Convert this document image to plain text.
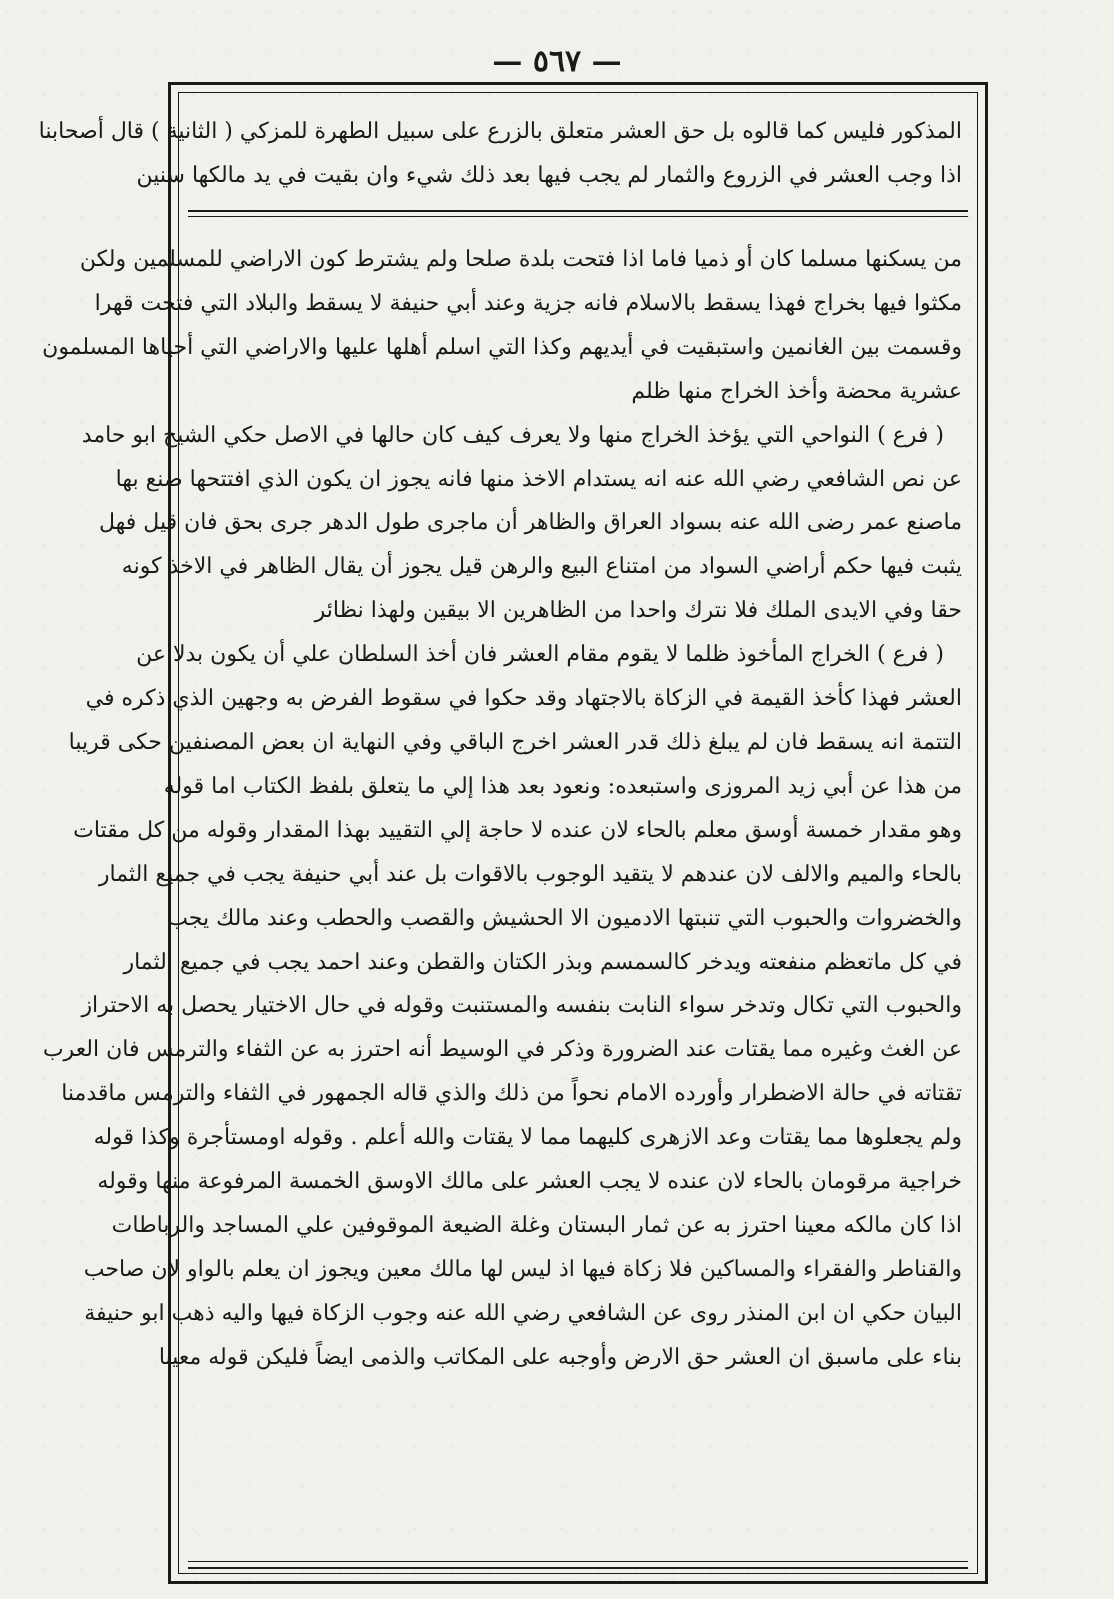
— ٥٦٧ —
المذكور فليس كما قالوه بل حق العشر متعلق بالزرع على سبيل الطهرة للمزكي ( الثانية ) قال أصحابنا
اذا وجب العشر في الزروع والثمار لم يجب فيها بعد ذلك شيء وان بقيت في يد مالكها سنين
من يسكنها مسلما كان أو ذميا فاما اذا فتحت بلدة صلحا ولم يشترط كون الاراضي للمسلمين ولكن
مكثوا فيها بخراج فهذا يسقط بالاسلام فانه جزية وعند أبي حنيفة لا يسقط والبلاد التي فتحت قهرا
وقسمت بين الغانمين واستبقيت في أيديهم وكذا التي اسلم أهلها عليها والاراضي التي أحياها المسلمون
عشرية محضة وأخذ الخراج منها ظلم
( فرع ) النواحي التي يؤخذ الخراج منها ولا يعرف كيف كان حالها في الاصل حكي الشيخ ابو حامد
عن نص الشافعي رضي الله عنه انه يستدام الاخذ منها فانه يجوز ان يكون الذي افتتحها صنع بها
ماصنع عمر رضى الله عنه بسواد العراق والظاهر أن ماجرى طول الدهر جرى بحق فان قيل فهل
يثبت فيها حكم أراضي السواد من امتناع البيع والرهن قيل يجوز أن يقال الظاهر في الاخذ كونه
حقا وفي الايدى الملك فلا نترك واحدا من الظاهرين الا بيقين ولهذا نظائر
( فرع ) الخراج المأخوذ ظلما لا يقوم مقام العشر فان أخذ السلطان علي أن يكون بدلا عن
العشر فهذا كأخذ القيمة في الزكاة بالاجتهاد وقد حكوا في سقوط الفرض به وجهين الذي ذكره في
التتمة انه يسقط فان لم يبلغ ذلك قدر العشر اخرج الباقي وفي النهاية ان بعض المصنفين حكى قريبا
من هذا عن أبي زيد المروزى واستبعده: ونعود بعد هذا إلي ما يتعلق بلفظ الكتاب اما قوله
وهو مقدار خمسة أوسق معلم بالحاء لان عنده لا حاجة إلي التقييد بهذا المقدار وقوله من كل مقتات
بالحاء والميم والالف لان عندهم لا يتقيد الوجوب بالاقوات بل عند أبي حنيفة يجب في جميع الثمار
والخضروات والحبوب التي تنبتها الادميون الا الحشيش والقصب والحطب وعند مالك يجب
في كل ماتعظم منفعته ويدخر كالسمسم وبذر الكتان والقطن وعند احمد يجب في جميع الثمار
والحبوب التي تكال وتدخر سواء النابت بنفسه والمستنبت وقوله في حال الاختيار يحصل به الاحتراز
عن الغث وغيره مما يقتات عند الضرورة وذكر في الوسيط أنه احترز به عن الثفاء والترمس فان العرب
تقتاته في حالة الاضطرار وأورده الامام نحواً من ذلك والذي قاله الجمهور في الثفاء والترمس ماقدمنا
ولم يجعلوها مما يقتات وعد الازهرى كليهما مما لا يقتات والله أعلم . وقوله اومستأجرة وكذا قوله
خراجية مرقومان بالحاء لان عنده لا يجب العشر على مالك الاوسق الخمسة المرفوعة منها وقوله
اذا كان مالكه معينا احترز به عن ثمار البستان وغلة الضيعة الموقوفين علي المساجد والرباطات
والقناطر والفقراء والمساكين فلا زكاة فيها اذ ليس لها مالك معين ويجوز ان يعلم بالواو لان صاحب
البيان حكي ان ابن المنذر روى عن الشافعي رضي الله عنه وجوب الزكاة فيها واليه ذهب ابو حنيفة
بناء على ماسبق ان العشر حق الارض وأوجبه على المكاتب والذمى ايضاً فليكن قوله معينا
